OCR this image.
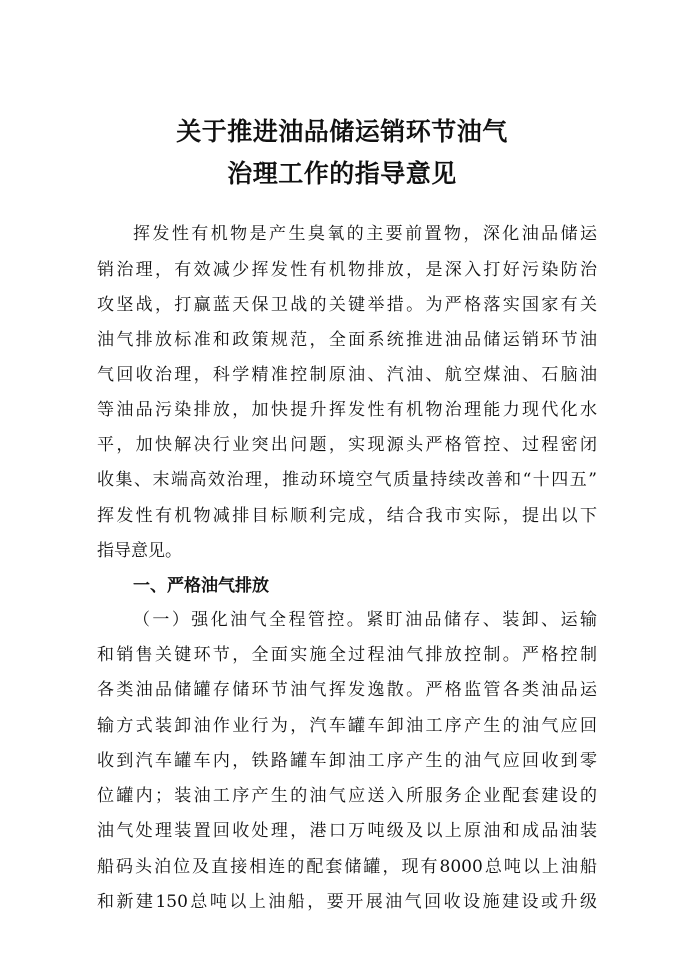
关于推进油品储运销环节油气
治理工作的指导意见

挥发性有机物是产生臭氧的主要前置物，深化油品储运

销治理，有效减少挥发性有机物排放，是深入打好污染防治

攻坚战，打赢蓝天保卫战的关键举措。为严格落实国家有关

油气排放标准和政策规范，全面系统推进油品储运销环节油

气回收治理，科学精准控制原油、汽油、航空煤油、石脑油

等油品污染排放，加快提升挥发性有机物治理能力现代化水

平，加快解决行业突出问题，实现源头严格管控、过程密闭

收集、末端高效治理，推动环境空气质量持续改善和“十四五”

挥发性有机物减排目标顺利完成，结合我市实际，提出以下

指导意见。

一、严格油气排放

（一）强化油气全程管控。紧盯油品储存、装卸、运输

和销售关键环节，全面实施全过程油气排放控制。严格控制

各类油品储罐存储环节油气挥发逸散。严格监管各类油品运

输方式装卸油作业行为，汽车罐车卸油工序产生的油气应回

收到汽车罐车内，铁路罐车卸油工序产生的油气应回收到零

位罐内；装油工序产生的油气应送入所服务企业配套建设的

油气处理装置回收处理，港口万吨级及以上原油和成品油装

船码头泊位及直接相连的配套储罐，现有8000总吨以上油船

和新建150总吨以上油船，要开展油气回收设施建设或升级
